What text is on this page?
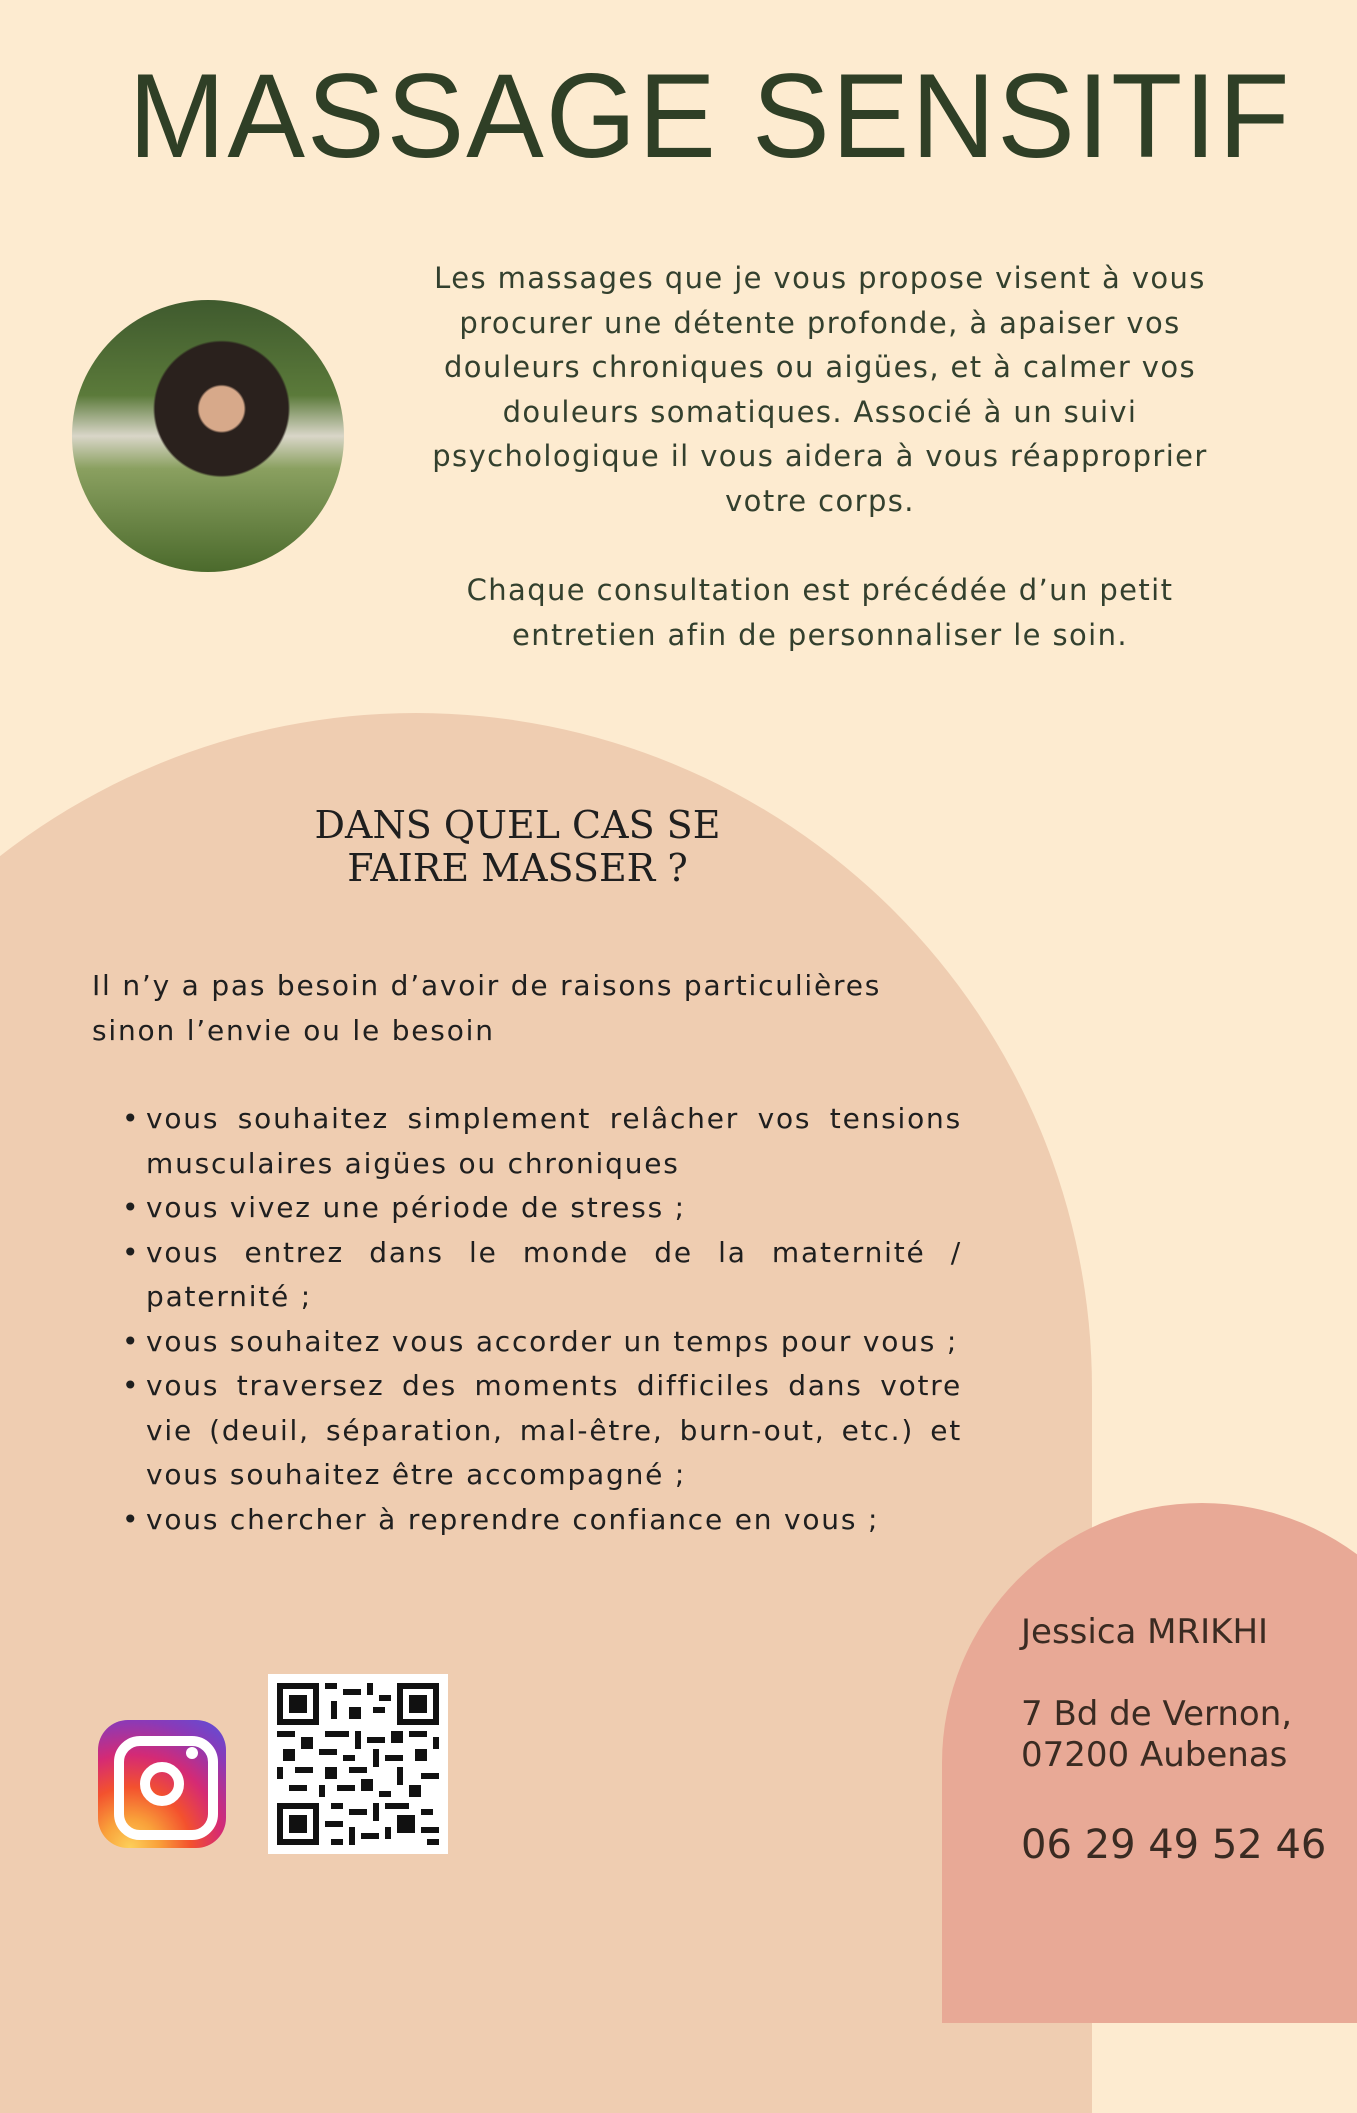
MASSAGE SENSITIF

Les massages que je vous propose visent à vous procurer une détente profonde, à apaiser vos douleurs chroniques ou aigües, et à calmer vos douleurs somatiques. Associé à un suivi psychologique il vous aidera à vous réapproprier votre corps.

Chaque consultation est précédée d’un petit entretien afin de personnaliser le soin.

DANS QUEL CAS SE
FAIRE MASSER ?
Il n’y a pas besoin d’avoir de raisons particulières sinon l’envie ou le besoin
• vous souhaitez simplement relâcher vos tensions musculaires aigües ou chroniques
• vous vivez une période de stress ;
• vous entrez dans le monde de la maternité / paternité ;
• vous souhaitez vous accorder un temps pour vous ;
• vous traversez des moments difficiles dans votre vie (deuil, séparation, mal-être, burn-out, etc.) et vous souhaitez être accompagné ;
• vous chercher à reprendre confiance en vous ;
Jessica MRIKHI
7 Bd de Vernon,
07200 Aubenas
06 29 49 52 46
